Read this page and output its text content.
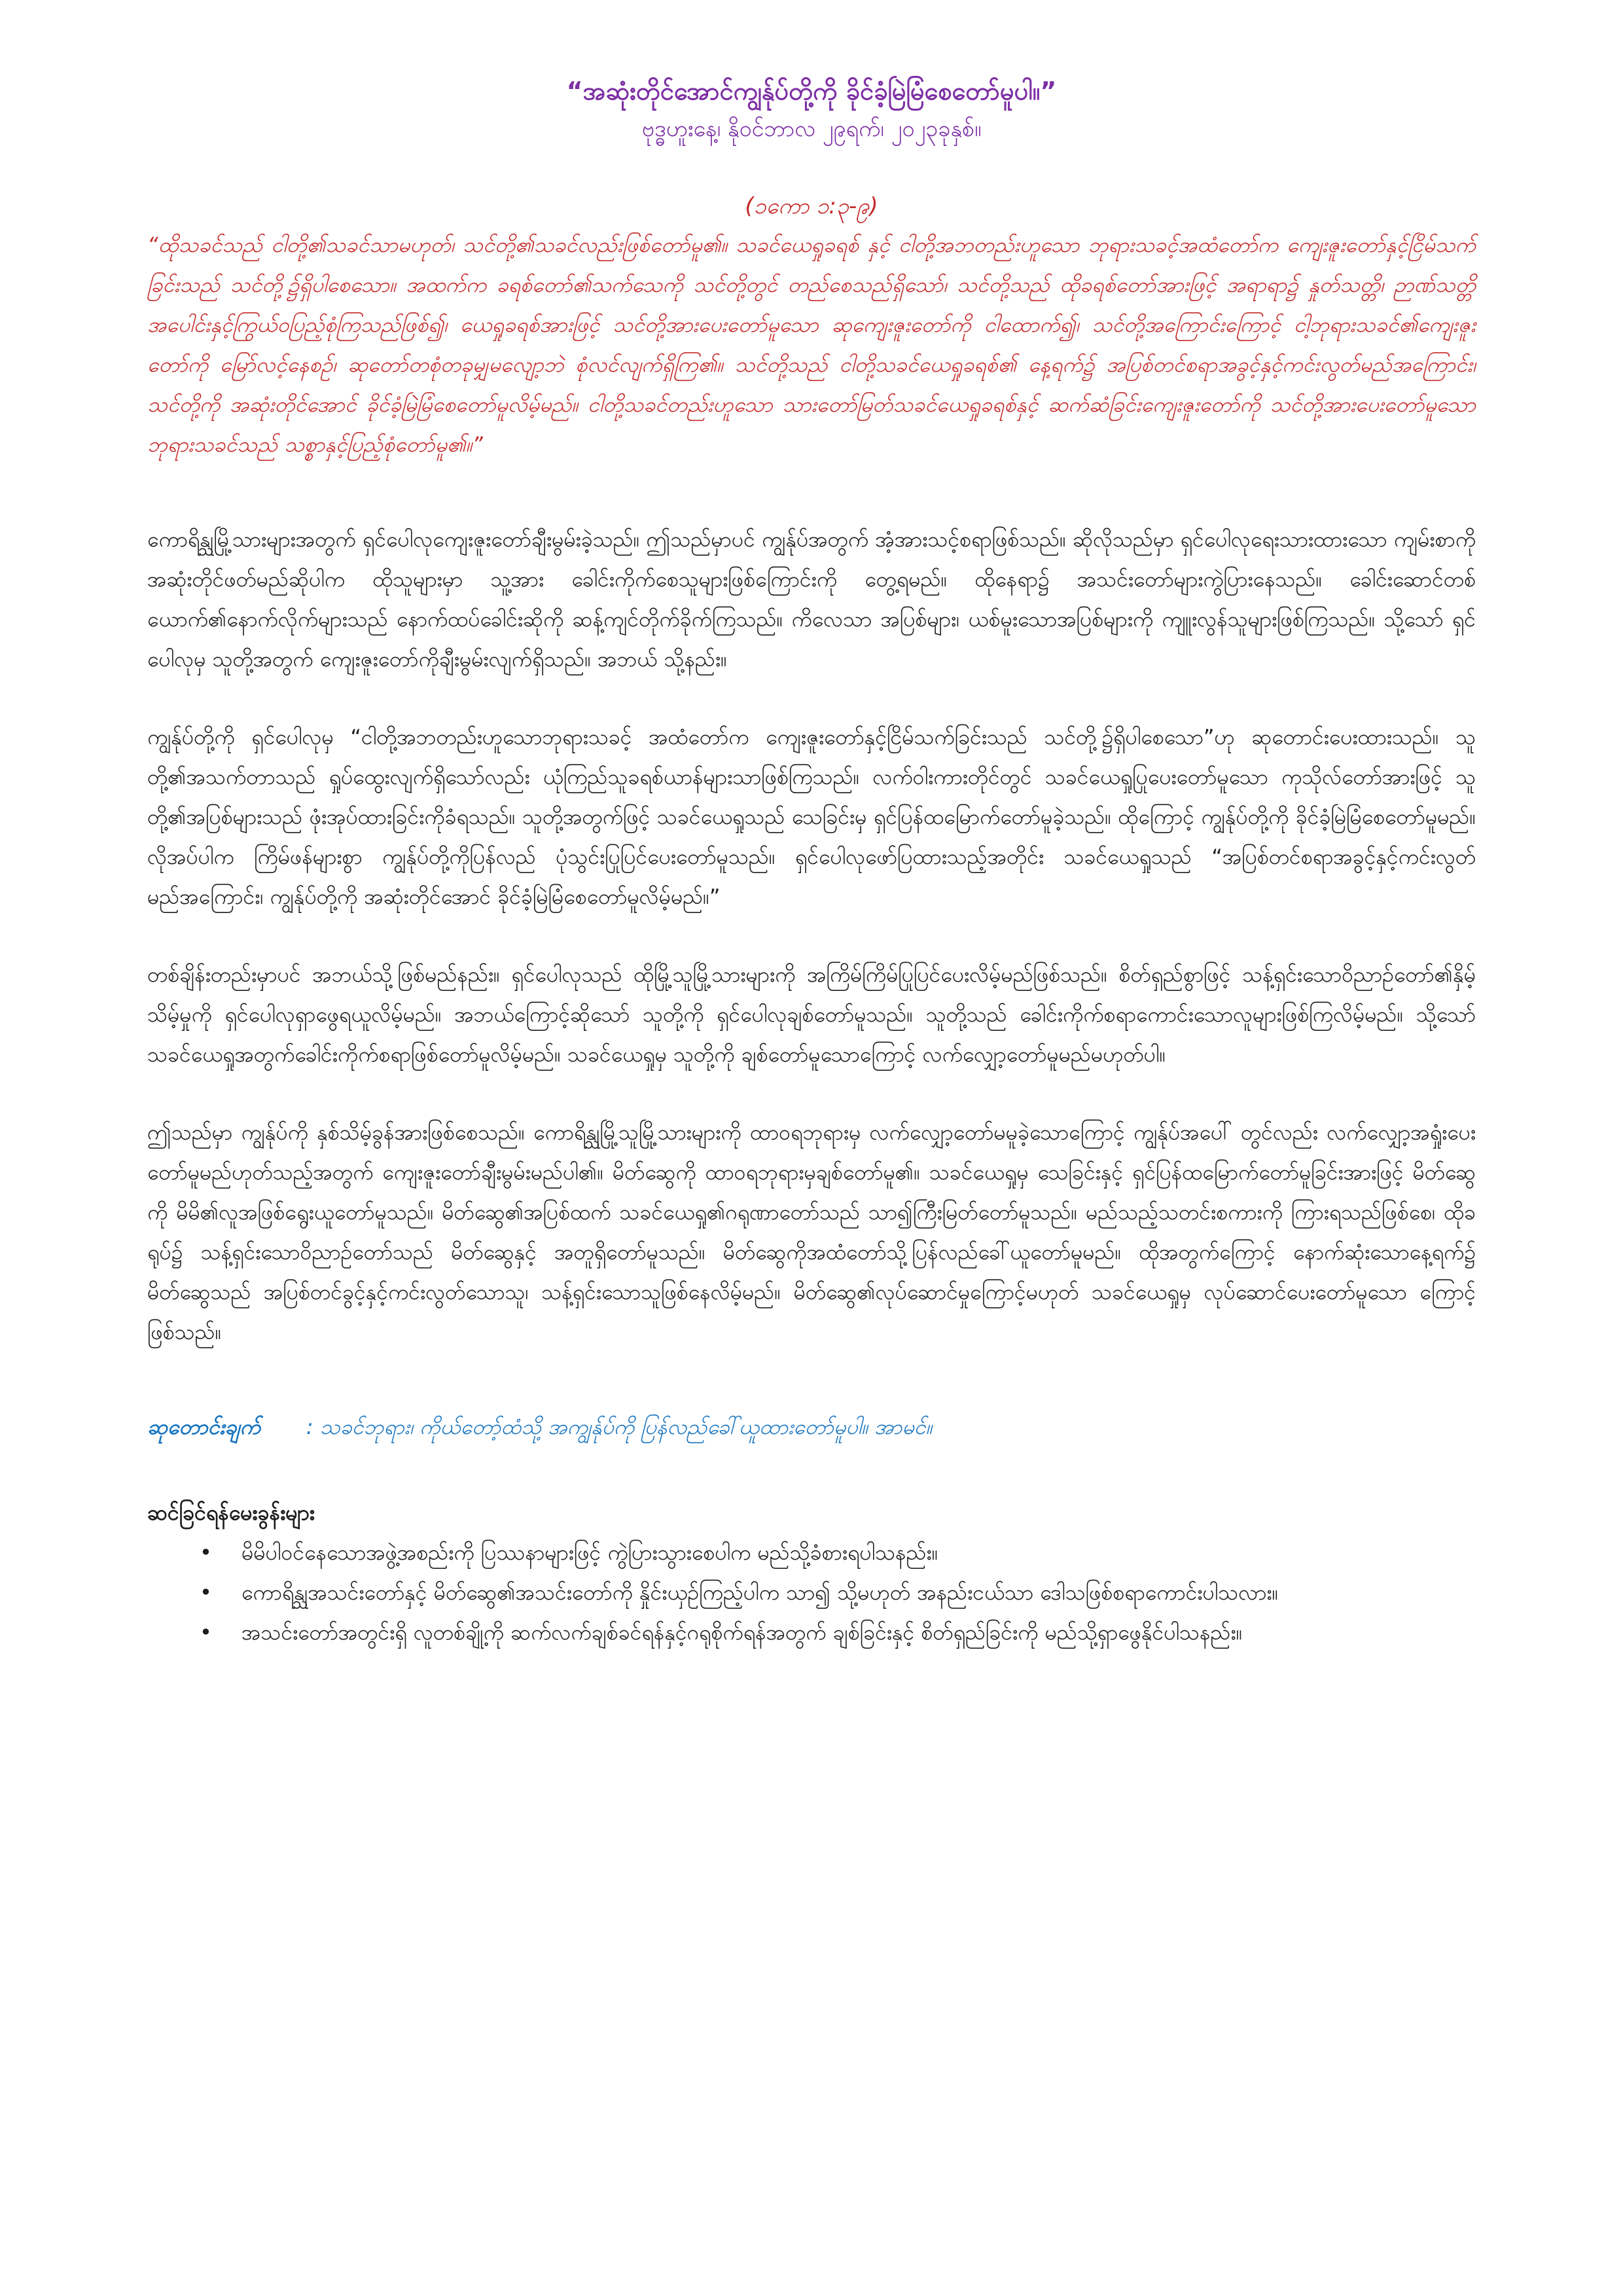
“အဆုံးတိုင်အောင်ကျွန်ုပ်တို့ကို ခိုင်ခံ့မြဲမြံစေတော်မူပါ။”

ဗုဒ္ဓဟူးနေ့၊ နိုဝင်ဘာလ ၂၉ရက်၊ ၂၀၂၃ခုနှစ်။

(၁ကော ၁:၃-၉)

“ထိုသခင်သည် ငါတို့၏သခင်သာမဟုတ်၊ သင်တို့၏သခင်လည်းဖြစ်တော်မူ၏။ သခင်ယေရှုခရစ် နှင့် ငါတို့အဘတည်းဟူသော ဘုရားသခင့်အထံတော်က ကျေးဇူးတော်နှင့်ငြိမ်သက်ခြင်းသည် သင်တို့၌ရှိပါစေသော။ အထက်က ခရစ်တော်၏သက်သေကို သင်တို့တွင် တည်စေသည်ရှိသော်၊ သင်တို့သည် ထိုခရစ်တော်အားဖြင့် အရာရာ၌ နှုတ်သတ္တိ၊ ဉာဏ်သတ္တိအပေါင်းနှင့်ကြွယ်ဝပြည့်စုံကြသည်ဖြစ်၍၊ ယေရှုခရစ်အားဖြင့် သင်တို့အားပေးတော်မူသော ဆုကျေးဇူးတော်ကို ငါထောက်၍၊ သင်တို့အကြောင်းကြောင့် ငါ့ဘုရားသခင်၏ကျေးဇူးတော်ကို မြော်လင့်နေစဉ်၊ ဆုတော်တစုံတခုမျှမလျော့ဘဲ စုံလင်လျက်ရှိကြ၏။ သင်တို့သည် ငါတို့သခင်ယေရှုခရစ်၏ နေ့ရက်၌ အပြစ်တင်စရာအခွင့်နှင့်ကင်းလွတ်မည်အကြောင်း၊ သင်တို့ကို အဆုံးတိုင်အောင် ခိုင်ခံ့မြဲမြံစေတော်မူလိမ့်မည်။ ငါတို့သခင်တည်းဟူသော သားတော်မြတ်သခင်ယေရှုခရစ်နှင့် ဆက်ဆံခြင်းကျေးဇူးတော်ကို သင်တို့အားပေးတော်မူသော ဘုရားသခင်သည် သစ္စာနှင့်ပြည့်စုံတော်မူ၏။”

ကောရိန္သုမြို့သားများအတွက် ရှင်ပေါလုကျေးဇူးတော်ချီးမွမ်းခဲ့သည်။ ဤသည်မှာပင် ကျွန်ုပ်အတွက် အံ့အားသင့်စရာဖြစ်သည်။ ဆိုလိုသည်မှာ ရှင်ပေါလုရေးသားထားသော ကျမ်းစာကို အဆုံးတိုင်ဖတ်မည်ဆိုပါက ထိုသူများမှာ သူ့အား ခေါင်းကိုက်စေသူများဖြစ်ကြောင်းကို တွေ့ရမည်။ ထိုနေရာ၌ အသင်းတော်များကွဲပြားနေသည်။ ခေါင်းဆောင်တစ်ယောက်၏နောက်လိုက်များသည် နောက်ထပ်ခေါင်းဆိုကို ဆန့်ကျင်တိုက်ခိုက်ကြသည်။ ကိလေသာ အပြစ်များ၊ ယစ်မူးသောအပြစ်များကို ကျူးလွန်သူများဖြစ်ကြသည်။ သို့သော် ရှင်ပေါလုမှ သူတို့အတွက် ကျေးဇူးတော်ကိုချီးမွမ်းလျက်ရှိသည်။ အဘယ် သို့နည်း။

ကျွန်ုပ်တို့ကို ရှင်ပေါလုမှ “ငါတို့အဘတည်းဟူသောဘုရားသခင့် အထံတော်က ကျေးဇူးတော်နှင့်ငြိမ်သက်ခြင်းသည် သင်တို့၌ရှိပါစေသော”ဟု ဆုတောင်းပေးထားသည်။ သူတို့၏အသက်တာသည် ရှုပ်ထွေးလျက်ရှိသော်လည်း ယုံကြည်သူခရစ်ယာန်များသာဖြစ်ကြသည်။ လက်ဝါးကားတိုင်တွင် သခင်ယေရှုပြုပေးတော်မူသော ကုသိုလ်တော်အားဖြင့် သူတို့၏အပြစ်များသည် ဖုံးအုပ်ထားခြင်းကိုခံရသည်။ သူတို့အတွက်ဖြင့် သခင်ယေရှုသည် သေခြင်းမှ ရှင်ပြန်ထမြောက်တော်မူခဲ့သည်။ ထိုကြောင့် ကျွန်ုပ်တို့ကို ခိုင်ခံ့မြဲမြံစေတော်မူမည်။ လိုအပ်ပါက ကြိမ်ဖန်များစွာ ကျွန်ုပ်တို့ကိုပြန်လည် ပုံသွင်းပြုပြင်ပေးတော်မူသည်။ ရှင်ပေါလုဖော်ပြထားသည့်အတိုင်း သခင်ယေရှုသည် “အပြစ်တင်စရာအခွင့်နှင့်ကင်းလွတ်မည်အကြောင်း၊ ကျွန်ုပ်တို့ကို အဆုံးတိုင်အောင် ခိုင်ခံ့မြဲမြံစေတော်မူလိမ့်မည်။”

တစ်ချိန်းတည်းမှာပင် အဘယ်သို့ဖြစ်မည်နည်း။ ရှင်ပေါလုသည် ထိုမြို့သူမြို့သားများကို အကြိမ်ကြိမ်ပြုပြင်ပေးလိမ့်မည်ဖြစ်သည်။ စိတ်ရှည်စွာဖြင့် သန့်ရှင်းသောဝိညာဉ်တော်၏နှိမ့်သိမ့်မှုကို ရှင်ပေါလုရှာဖွေရယူလိမ့်မည်။ အဘယ်ကြောင့်ဆိုသော် သူတို့ကို ရှင်ပေါလုချစ်တော်မူသည်။ သူတို့သည် ခေါင်းကိုက်စရာကောင်းသောလူများဖြစ်ကြလိမ့်မည်။ သို့သော် သခင်ယေရှုအတွက်ခေါင်းကိုက်စရာဖြစ်တော်မူလိမ့်မည်။ သခင်ယေရှုမှ သူတို့ကို ချစ်တော်မူသောကြောင့် လက်လျှော့တော်မူမည်မဟုတ်ပါ။

ဤသည်မှာ ကျွန်ုပ်ကို နှစ်သိမ့်ခွန်အားဖြစ်စေသည်။ ကောရိန္သုမြို့သူမြို့သားများကို ထာဝရဘုရားမှ လက်လျှော့တော်မမူခဲ့သောကြောင့် ကျွန်ုပ်အပေါ် တွင်လည်း လက်လျှော့အရှုံးပေးတော်မူမည်ဟုတ်သည့်အတွက် ကျေးဇူးတော်ချီးမွမ်းမည်ပါ၏။ မိတ်ဆွေကို ထာဝရဘုရားမှချစ်တော်မူ၏။ သခင်ယေရှုမှ သေခြင်းနှင့် ရှင်ပြန်ထမြောက်တော်မူခြင်းအားဖြင့် မိတ်ဆွေကို မိမိ၏လူအဖြစ်ရွေးယူတော်မူသည်။ မိတ်ဆွေ၏အပြစ်ထက် သခင်ယေရှု၏ဂရုဏာတော်သည် သာ၍ကြီးမြတ်တော်မူသည်။ မည်သည့်သတင်းစကားကို ကြားရသည်ဖြစ်စေ၊ ထိုခရုပ်၌ သန့်ရှင်းသောဝိညာဉ်တော်သည် မိတ်ဆွေနှင့် အတူရှိတော်မူသည်။ မိတ်ဆွေကိုအထံတော်သို့ပြန်လည်ခေါ်ယူတော်မူမည်။ ထိုအတွက်ကြောင့် နောက်ဆုံးသောနေ့ရက်၌ မိတ်ဆွေသည် အပြစ်တင်ခွင့်နှင့်ကင်းလွတ်သောသူ၊ သန့်ရှင်းသောသူဖြစ်နေလိမ့်မည်။ မိတ်ဆွေ၏လုပ်ဆောင်မှုကြောင့်မဟုတ် သခင်ယေရှုမှ လုပ်ဆောင်ပေးတော်မူသော ကြောင့်ဖြစ်သည်။

ဆုတောင်းချက် : သခင်ဘုရား၊ ကိုယ်တော့်ထံသို့ အကျွန်ုပ်ကို ပြန်လည်ခေါ်ယူထားတော်မူပါ။ အာမင်။

ဆင်ခြင်ရန်မေးခွန်းများ

• မိမိပါဝင်နေသောအဖွဲ့အစည်းကို ပြဿနာများဖြင့် ကွဲပြားသွားစေပါက မည်သို့ခံစားရပါသနည်း။
• ကောရိန္သုအသင်းတော်နှင့် မိတ်ဆွေ၏အသင်းတော်ကို နှိုင်းယှဉ်ကြည့်ပါက သာ၍ သို့မဟုတ် အနည်းငယ်သာ ဒေါသဖြစ်စရာကောင်းပါသလား။
• အသင်းတော်အတွင်းရှိ လူတစ်ချို့ကို ဆက်လက်ချစ်ခင်ရန်နှင့်ဂရုစိုက်ရန်အတွက် ချစ်ခြင်းနှင့် စိတ်ရှည်ခြင်းကို မည်သို့ရှာဖွေနိုင်ပါသနည်း။
